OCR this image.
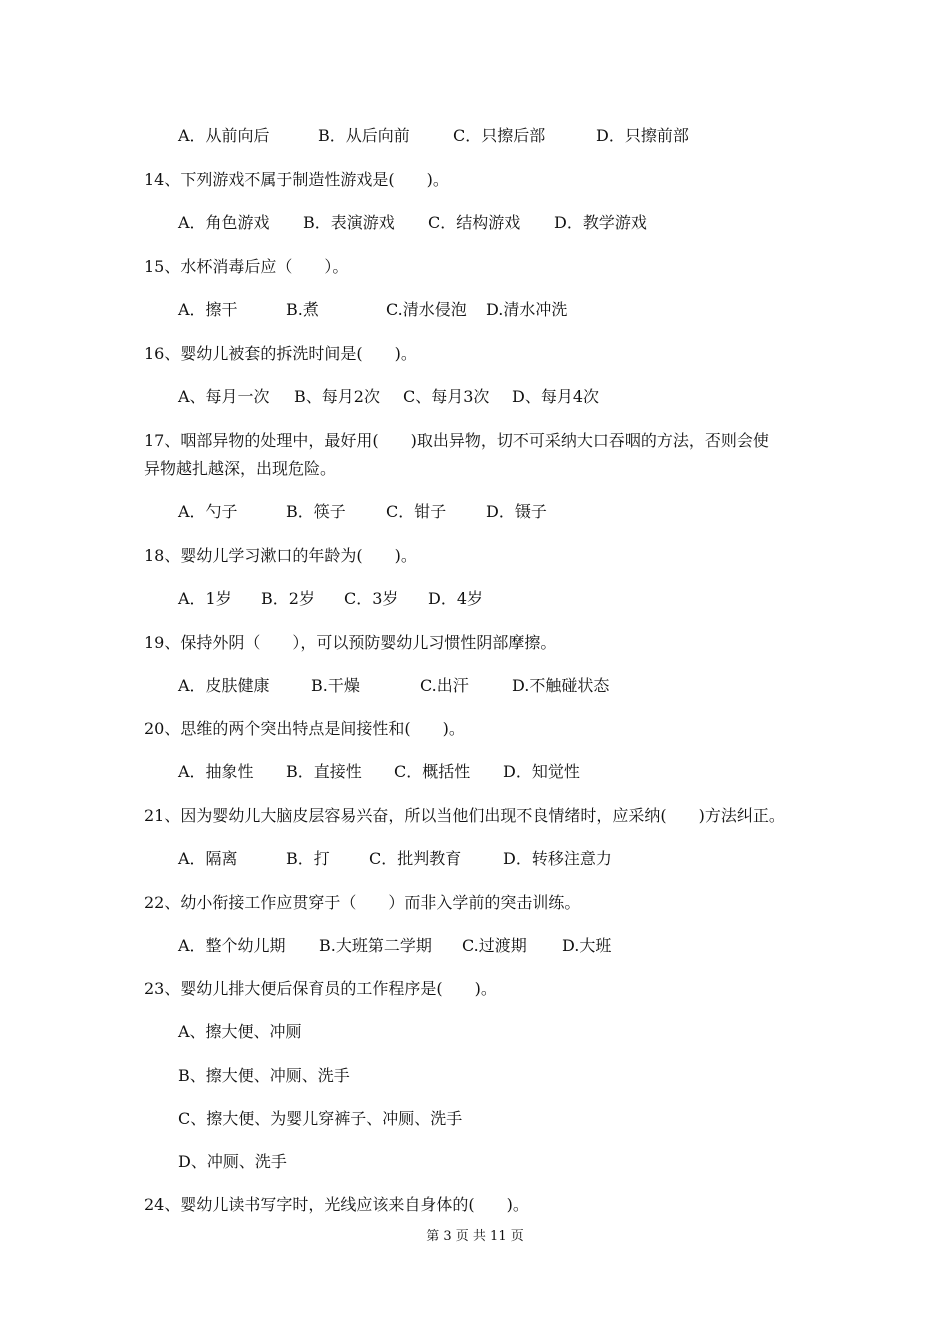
A．从前向后

	B．从后向前

	C．只擦后部

	D．只擦前部

14、下列游戏不属于制造性游戏是(　　)。

A．角色游戏

B．表演游戏

C．结构游戏

D．教学游戏

15、水杯消毒后应（　　）。

A．擦干

	B.煮

	C.清水侵泡

D.清水冲洗

16、婴幼儿被套的拆洗时间是(　　)。

A、每月一次

B、每月2次

C、每月3次

D、每月4次

17、咽部异物的处理中，最好用(　　)取出异物，切不可采纳大口吞咽的方法，否则会使
异物越扎越深，出现危险。

A．勺子

	B．筷子

	C．钳子

D．镊子

18、婴幼儿学习漱口的年龄为(　　)。

A．1岁

B．2岁

C．3岁

D．4岁

19、保持外阴（　　），可以预防婴幼儿习惯性阴部摩擦。

A．皮肤健康

	B.干燥

	C.出汗

	D.不触碰状态

20、思维的两个突出特点是间接性和(　　)。

A．抽象性

B．直接性

C．概括性

D．知觉性

21、因为婴幼儿大脑皮层容易兴奋，所以当他们出现不良情绪时，应采纳(　　)方法纠正。

A．隔离

	B．打

C．批判教育

	D．转移注意力

22、幼小衔接工作应贯穿于（　　）而非入学前的突击训练。

A．整个幼儿期

B.大班第二学期

C.过渡期

D.大班

23、婴幼儿排大便后保育员的工作程序是(　　)。
A、擦大便、冲厕
B、擦大便、冲厕、洗手
C、擦大便、为婴儿穿裤子、冲厕、洗手
D、冲厕、洗手
24、婴幼儿读书写字时，光线应该来自身体的(　　)。
第 3 页 共 11 页
